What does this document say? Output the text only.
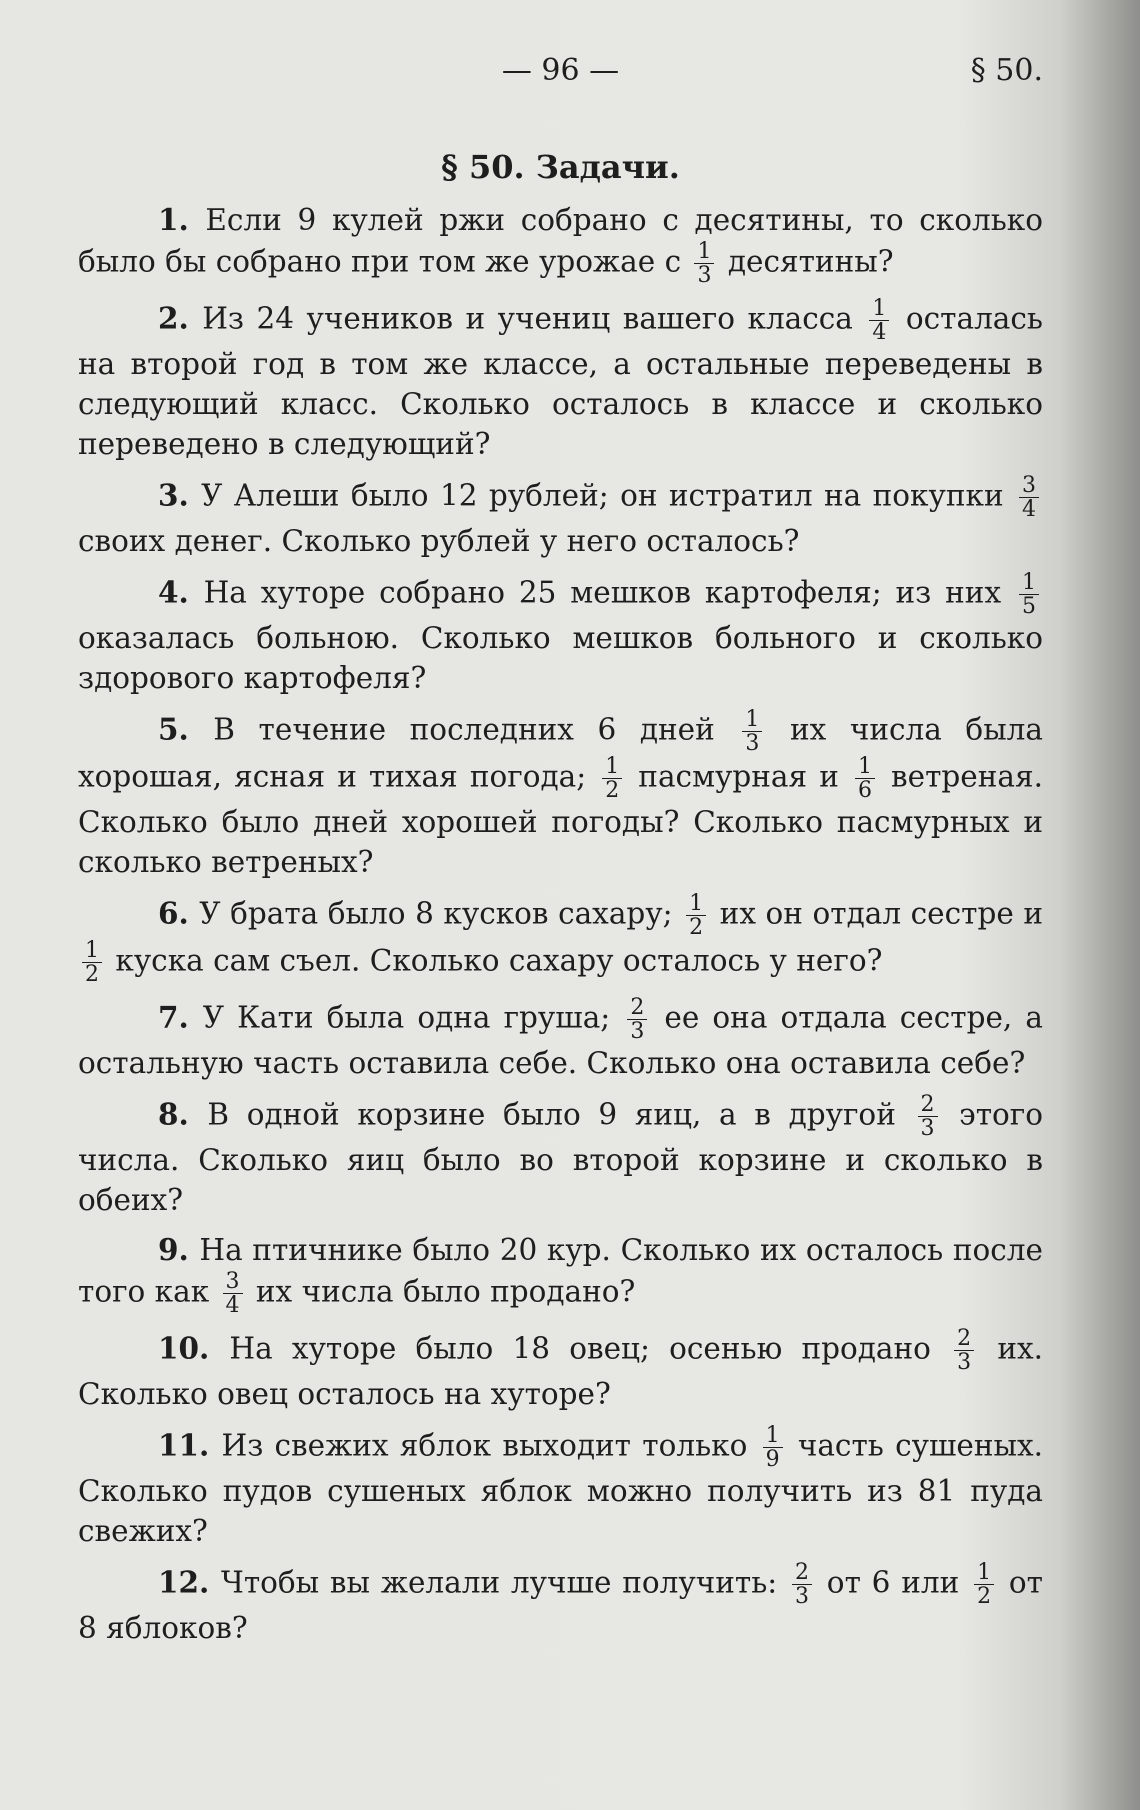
— 96 —	§ 50.
§ 50. Задачи.

1. Если 9 кулей ржи собрано с десятины, то сколько было бы собрано при том же урожае с $\frac{1}{3}$ десятины?

2. Из 24 учеников и учениц вашего класса $\frac{1}{4}$ осталась на второй год в том же классе, а остальные переведены в следующий класс. Сколько осталось в классе и сколько переведено в следующий?

3. У Алеши было 12 рублей; он истратил на покупки $\frac{3}{4}$
своих денег. Сколько рублей у него осталось?

4. На хуторе собрано 25 мешков картофеля; из них $\frac{1}{5}$
оказалась больною. Сколько мешков больного и сколько здорового картофеля?

5. В течение последних 6 дней $\frac{1}{3}$ их числа была хорошая, ясная и тихая погода; $\frac{1}{2}$ пасмурная и $\frac{1}{6}$ ветреная. Сколько было дней хорошей погоды? Сколько пасмурных и сколько ветреных?

6. У брата было 8 кусков сахару; $\frac{1}{2}$ их он отдал сестре и
$\frac{1}{2}$ куска сам съел. Сколько сахару осталось у него?

7. У Кати была одна груша; $\frac{2}{3}$ ее она отдала сестре, а остальную часть оставила себе. Сколько она оставила себе?

8. В одной корзине было 9 яиц, а в другой $\frac{2}{3}$ этого числа. Сколько яиц было во второй корзине и сколько в обеих?

9. На птичнике было 20 кур. Сколько их осталось после того как $\frac{3}{4}$ их числа было продано?

10. На хуторе было 18 овец; осенью продано $\frac{2}{3}$ их. Сколько овец осталось на хуторе?

11. Из свежих яблок выходит только $\frac{1}{9}$ часть сушеных. Сколько пудов сушеных яблок можно получить из 81 пуда свежих?

12. Чтобы вы желали лучше получить: $\frac{2}{3}$ от 6 или $\frac{1}{2}$ от 8 яблоков?
